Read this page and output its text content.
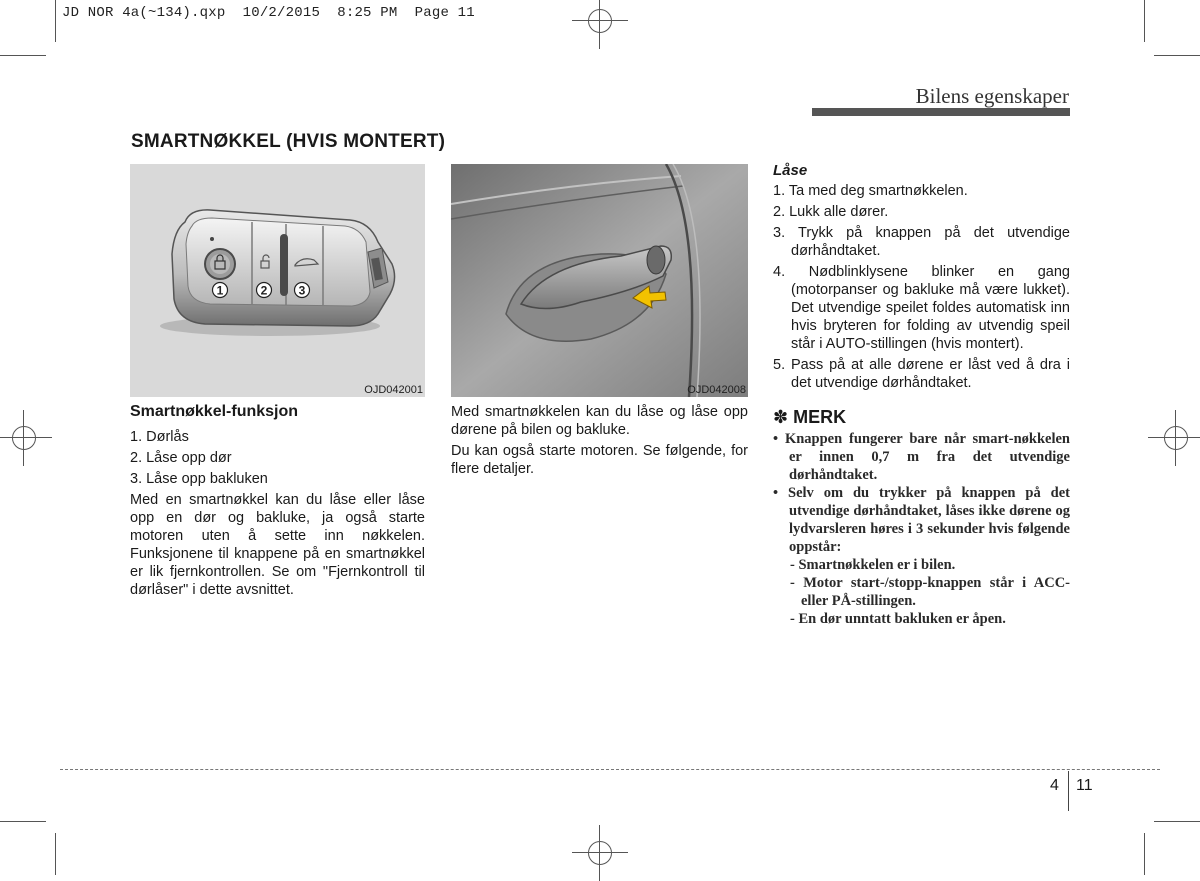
JD NOR 4a(~134).qxp  10/2/2015  8:25 PM  Page 11
Bilens egenskaper
SMARTNØKKEL (HVIS MONTERT)
1	2	3
OJD042001	OJD042008
Smartnøkkel-funksjon
1. Dørlås
2. Låse opp dør
3. Låse opp bakluken
Med en smartnøkkel kan du låse eller låse opp en dør og bakluke, ja også starte motoren uten å sette inn nøkkelen. Funksjonene til knappene på en smartnøkkel er lik fjernkontrollen. Se om "Fjernkontroll til dørlåser" i dette avsnittet.
Med smartnøkkelen kan du låse og låse opp dørene på bilen og bakluke.
Du kan også starte motoren. Se følgende, for flere detaljer.
Låse
1. Ta med deg smartnøkkelen.
2. Lukk alle dører.
3. Trykk på knappen på det utvendige dørhåndtaket.
4. Nødblinklysene blinker en gang (motorpanser og bakluke må være lukket). Det utvendige speilet foldes automatisk inn hvis bryteren for folding av utvendig speil står i AUTO-stillingen (hvis montert).
5. Pass på at alle dørene er låst ved å dra i det utvendige dørhåndtaket.
✽ MERK
• Knappen fungerer bare når smart-nøkkelen er innen 0,7 m fra det utvendige dørhåndtaket.
• Selv om du trykker på knappen på det utvendige dørhåndtaket, låses ikke dørene og lydvarsleren høres i 3 sekunder hvis følgende oppstår:
- Smartnøkkelen er i bilen.
- Motor start-/stopp-knappen står i ACC- eller PÅ-stillingen.
- En dør unntatt bakluken er åpen.
4 11
